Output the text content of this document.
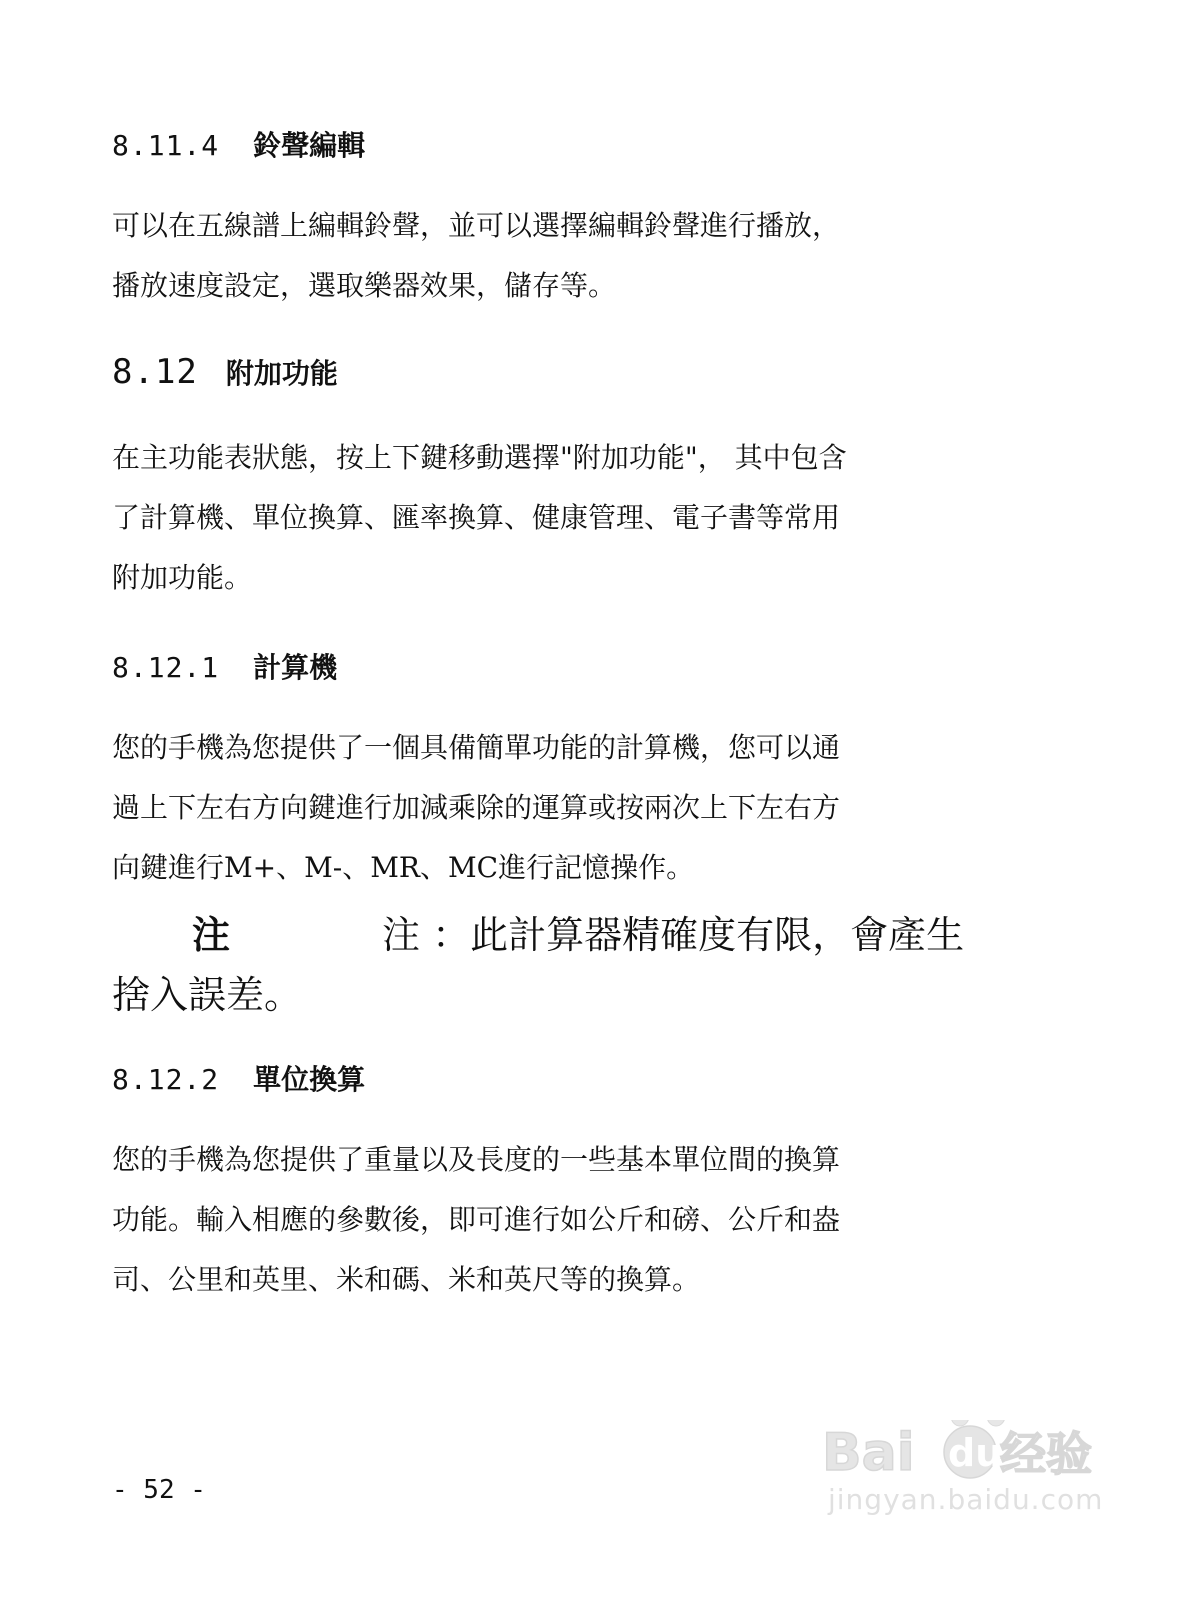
8.11.4 鈴聲編輯

可以在五線譜上編輯鈴聲，並可以選擇編輯鈴聲進行播放，
播放速度設定，選取樂器效果，儲存等。

8.12 附加功能

在主功能表狀態，按上下鍵移動選擇"附加功能"， 其中包含
了計算機、單位換算、匯率換算、健康管理、電子書等常用
附加功能。

8.12.1 計算機

您的手機為您提供了一個具備簡單功能的計算機，您可以通
過上下左右方向鍵進行加減乘除的運算或按兩次上下左右方
向鍵進行M+、M-、MR、MC進行記憶操作。

注	注 ：此計算器精確度有限，會產生
捨入誤差。
8.12.2 單位換算

您的手機為您提供了重量以及長度的一些基本單位間的換算
功能。輸入相應的參數後，即可進行如公斤和磅、公斤和盎
司、公里和英里、米和碼、米和英尺等的換算。

- 52 -
Bai du
经验
jingyan.baidu.com
